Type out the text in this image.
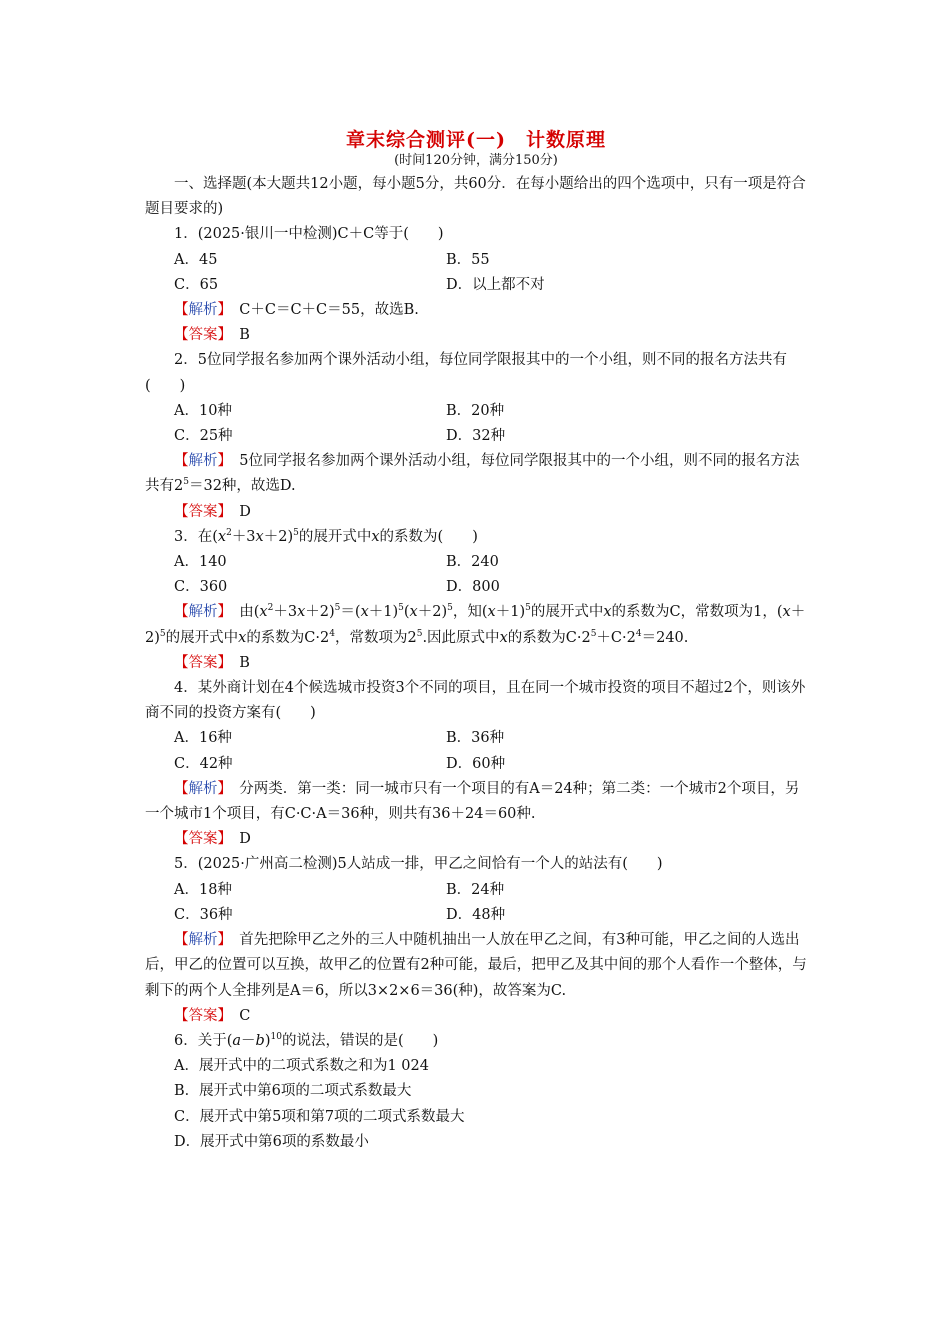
章末综合测评(一)　计数原理

(时间120分钟，满分150分)

一、选择题(本大题共12小题，每小题5分，共60分．在每小题给出的四个选项中，只有一项是符合题目要求的)

1．(2025·银川一中检测)C＋C等于(　　)

A．45	B．55
C．65	D．以上都不对

【解析】　 C＋C＝C＋C＝55，故选B.

【答案】　 B

2．5位同学报名参加两个课外活动小组，每位同学限报其中的一个小组，则不同的报名方法共有(　　)

A．10种	B．20种
C．25种	D．32种

【解析】　 5位同学报名参加两个课外活动小组，每位同学限报其中的一个小组，则不同的报名方法共有$2^5=32$种，故选D.

【答案】　 D

3．在$(x^2+3x+2)^5$的展开式中x的系数为(　　)

A．140	B．240
C．360	D．800

【解析】　 由$(x^2+3x+2)^5=(x+1)^5(x+2)^5$，知$(x+1)^5$的展开式中x的系数为C，常数项为1，$(x+2)^5$的展开式中x的系数为$C\cdot 2^4$，常数项为$2^5$.因此原式中x的系数为$C\cdot 2^5+C\cdot 2^4=240$.

【答案】　 B

4．某外商计划在4个候选城市投资3个不同的项目，且在同一个城市投资的项目不超过2个，则该外商不同的投资方案有(　　)

A．16种	B．36种
C．42种	D．60种

【解析】　 分两类．第一类：同一城市只有一个项目的有A＝24种；第二类：一个城市2个项目，另一个城市1个项目，有C·C·A＝36种，则共有36＋24＝60种.

【答案】　 D

5．(2025·广州高二检测)5人站成一排，甲乙之间恰有一个人的站法有(　　)

A．18种	B．24种
C．36种	D．48种

【解析】　 首先把除甲乙之外的三人中随机抽出一人放在甲乙之间，有3种可能，甲乙之间的人选出后，甲乙的位置可以互换，故甲乙的位置有2种可能，最后，把甲乙及其中间的那个人看作一个整体，与剩下的两个人全排列是A＝6，所以3×2×6＝36(种)，故答案为C.

【答案】　 C

6．关于$(a-b)^{10}$的说法，错误的是(　　)

A．展开式中的二项式系数之和为1 024
B．展开式中第6项的二项式系数最大
C．展开式中第5项和第7项的二项式系数最大
D．展开式中第6项的系数最小
